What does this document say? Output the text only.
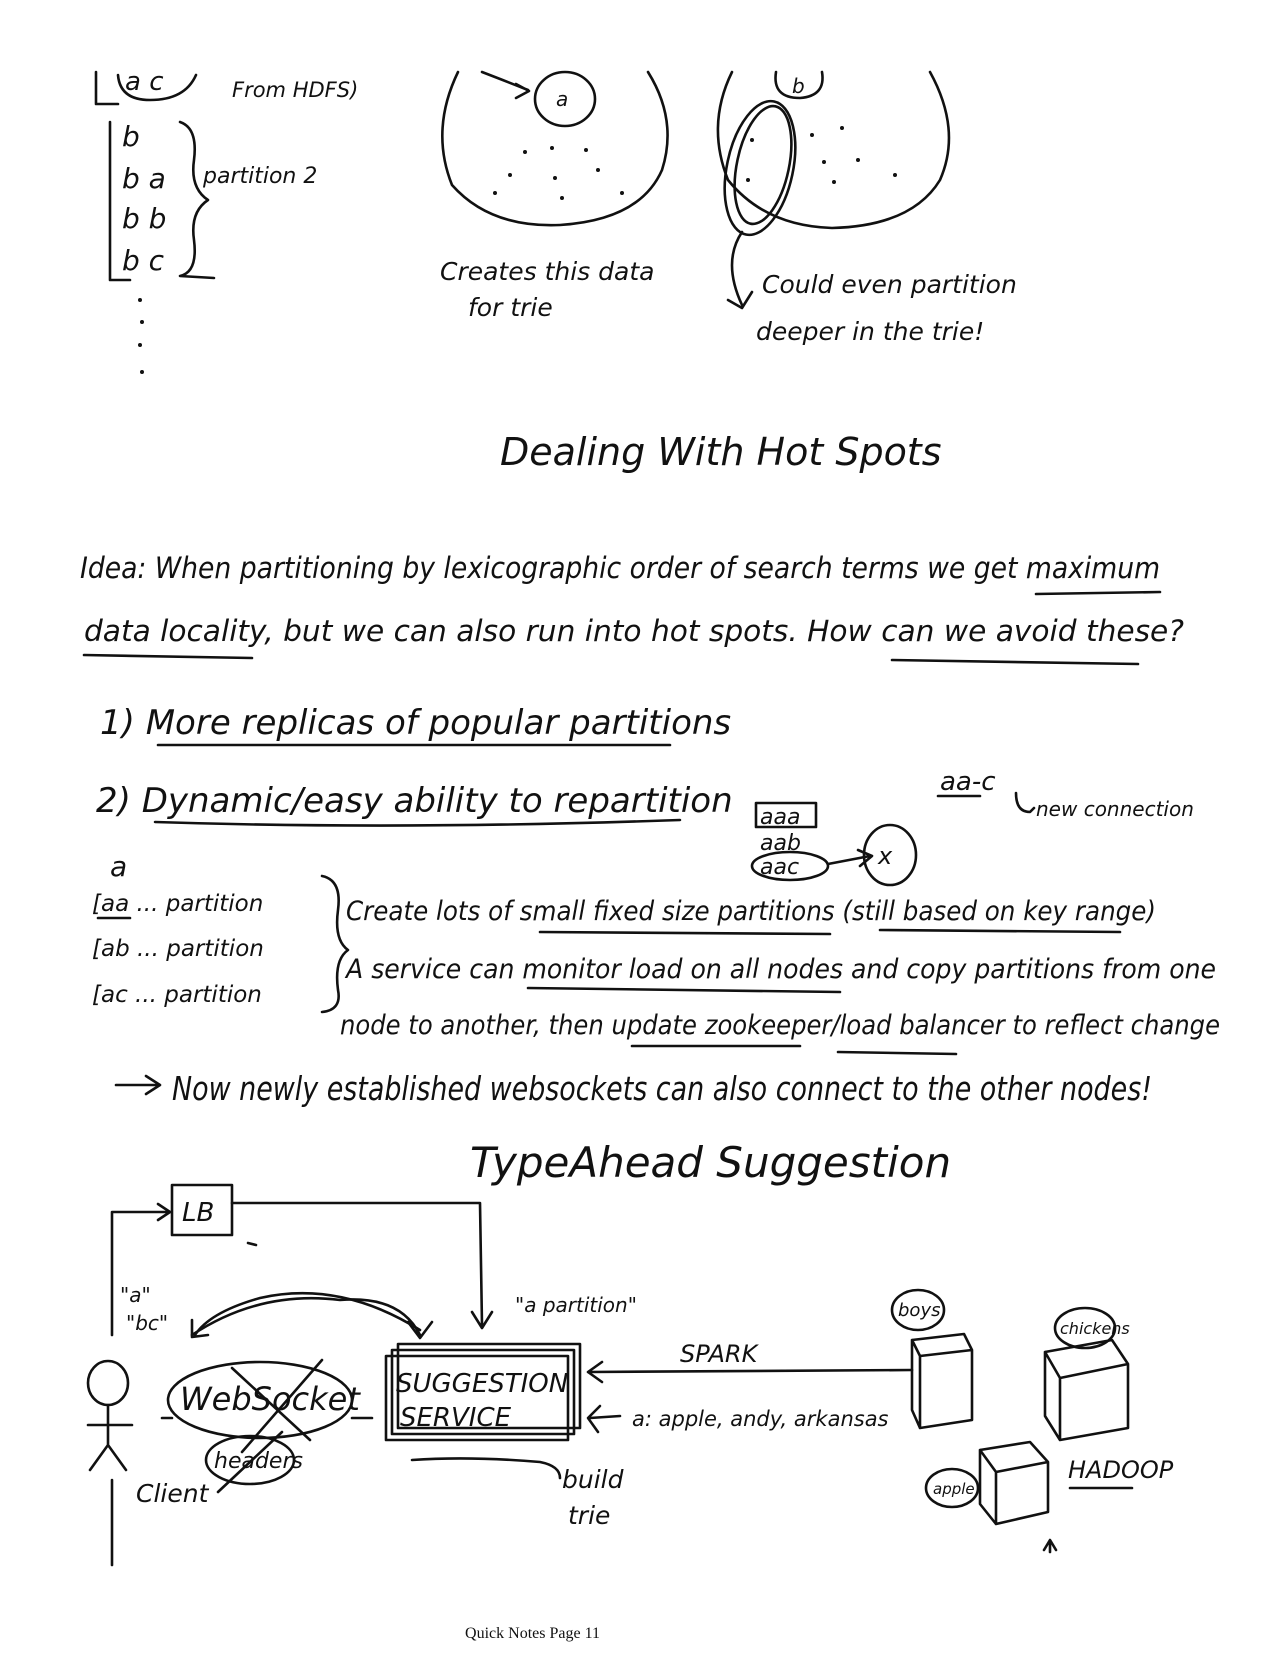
a c	From HDFS)
b
b a
b b
b c
partition 2
a
Creates this data
for trie
b
Could even partition
deeper in the trie!
Dealing With Hot Spots
Idea: When partitioning by lexicographic order of search terms we get maximum
data locality, but we can also run into hot spots. How can we avoid these?
1) More replicas of popular partitions
2) Dynamic/easy ability to repartition	aa-c
new connection
aaa
aab
aac	x
a
[aa ... partition
[ab ... partition
[ac ... partition
Create lots of small fixed size partitions (still based on key range)
A service can monitor load on all nodes and copy partitions from one
node to another, then update zookeeper/load balancer to reflect change
Now newly established websockets can also connect to the other nodes!
TypeAhead Suggestion
LB
Client
"a"
"bc"
WebSocket
headers
"a partition"
SUGGESTION
SERVICE
build
trie
SPARK
a: apple, andy, arkansas
boys
chickens
apple
HADOOP
Quick Notes Page 11
